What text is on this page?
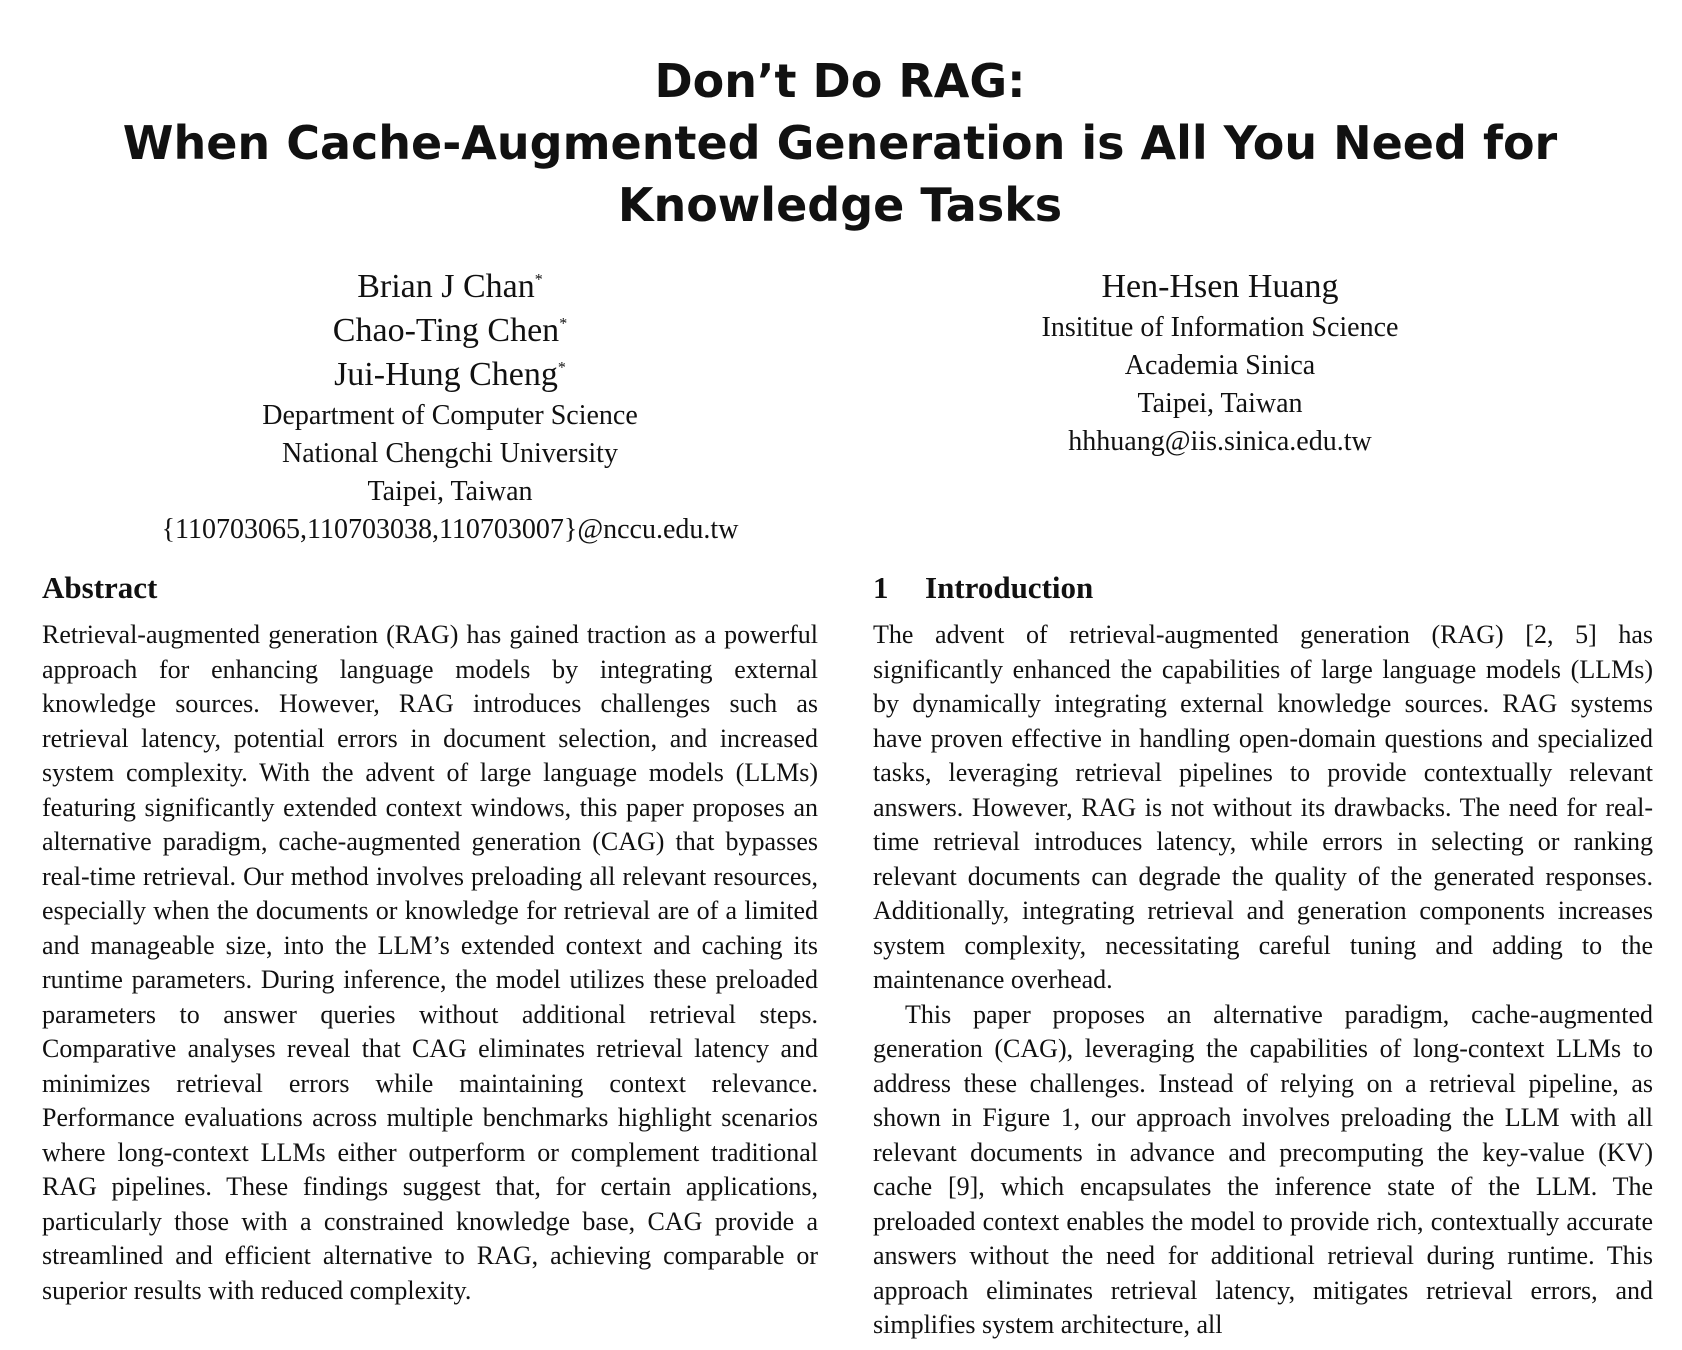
Don’t Do RAG:
When Cache-Augmented Generation is All You Need for
Knowledge Tasks
Brian J Chan*
Chao-Ting Chen*
Jui-Hung Cheng*
Department of Computer Science
National Chengchi University
Taipei, Taiwan
{110703065,110703038,110703007}@nccu.edu.tw
Hen-Hsen Huang
Insititue of Information Science
Academia Sinica
Taipei, Taiwan
hhhuang@iis.sinica.edu.tw
Abstract

Retrieval-augmented generation (RAG) has gained traction as a powerful approach for enhancing language models by integrating external knowledge sources. However, RAG introduces challenges such as retrieval latency, potential errors in document selection, and increased system complexity. With the advent of large language models (LLMs) featuring significantly extended context windows, this paper proposes an alternative paradigm, cache-augmented generation (CAG) that bypasses real-time retrieval. Our method involves preloading all relevant resources, especially when the documents or knowledge for retrieval are of a limited and manageable size, into the LLM’s extended context and caching its runtime parameters. During inference, the model utilizes these preloaded parameters to answer queries without additional retrieval steps. Comparative analyses reveal that CAG eliminates retrieval latency and minimizes retrieval errors while maintaining context relevance. Performance evaluations across multiple benchmarks highlight scenarios where long-context LLMs either outperform or complement traditional RAG pipelines. These findings suggest that, for certain applications, particularly those with a constrained knowledge base, CAG provide a streamlined and efficient alternative to RAG, achieving comparable or superior results with reduced complexity.

1 Introduction

The advent of retrieval-augmented generation (RAG) [2, 5] has significantly enhanced the capabilities of large language models (LLMs) by dynamically integrating external knowledge sources. RAG systems have proven effective in handling open-domain questions and specialized tasks, leveraging retrieval pipelines to provide contextually relevant answers. However, RAG is not without its drawbacks. The need for real-time retrieval introduces latency, while errors in selecting or ranking relevant documents can degrade the quality of the generated responses. Additionally, integrating retrieval and generation components increases system complexity, necessitating careful tuning and adding to the maintenance overhead.

This paper proposes an alternative paradigm, cache-augmented generation (CAG), leveraging the capabilities of long-context LLMs to address these challenges. Instead of relying on a retrieval pipeline, as shown in Figure 1, our approach involves preloading the LLM with all relevant documents in advance and precomputing the key-value (KV) cache [9], which encapsulates the inference state of the LLM. The preloaded context enables the model to provide rich, contextually accurate answers without the need for additional retrieval during runtime. This approach eliminates retrieval latency, mitigates retrieval errors, and simplifies system architecture, all
